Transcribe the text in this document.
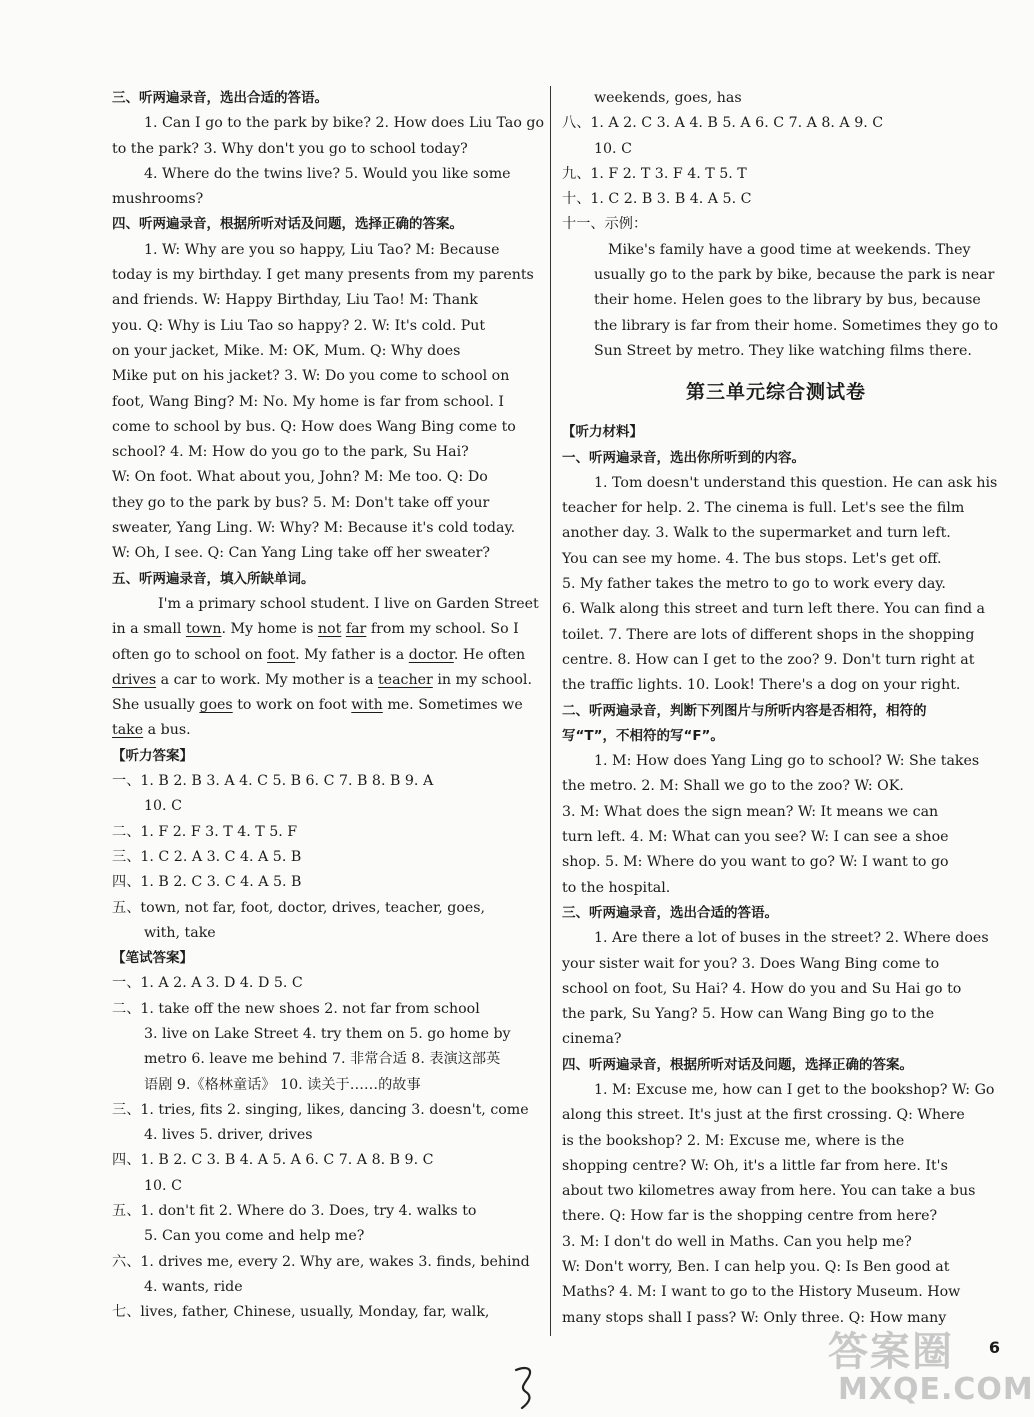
三、听两遍录音，选出合适的答语。
1. Can I go to the park by bike? 2. How does Liu Tao go
to the park? 3. Why don't you go to school today?
4. Where do the twins live? 5. Would you like some
mushrooms?
四、听两遍录音，根据所听对话及问题，选择正确的答案。
1. W: Why are you so happy, Liu Tao? M: Because
today is my birthday. I get many presents from my parents
and friends. W: Happy Birthday, Liu Tao! M: Thank
you. Q: Why is Liu Tao so happy? 2. W: It's cold. Put
on your jacket, Mike. M: OK, Mum. Q: Why does
Mike put on his jacket? 3. W: Do you come to school on
foot, Wang Bing? M: No. My home is far from school. I
come to school by bus. Q: How does Wang Bing come to
school? 4. M: How do you go to the park, Su Hai?
W: On foot. What about you, John? M: Me too. Q: Do
they go to the park by bus? 5. M: Don't take off your
sweater, Yang Ling. W: Why? M: Because it's cold today.
W: Oh, I see. Q: Can Yang Ling take off her sweater?
五、听两遍录音，填入所缺单词。
I'm a primary school student. I live on Garden Street
in a small town. My home is not far from my school. So I
often go to school on foot. My father is a doctor. He often
drives a car to work. My mother is a teacher in my school.
She usually goes to work on foot with me. Sometimes we
take a bus.
【听力答案】
一、1. B 2. B 3. A 4. C 5. B 6. C 7. B 8. B 9. A
10. C
二、1. F 2. F 3. T 4. T 5. F
三、1. C 2. A 3. C 4. A 5. B
四、1. B 2. C 3. C 4. A 5. B
五、town, not far, foot, doctor, drives, teacher, goes,
with, take
【笔试答案】
一、1. A 2. A 3. D 4. D 5. C
二、1. take off the new shoes 2. not far from school
3. live on Lake Street 4. try them on 5. go home by
metro 6. leave me behind 7. 非常合适 8. 表演这部英
语剧 9.《格林童话》 10. 读关于……的故事
三、1. tries, fits 2. singing, likes, dancing 3. doesn't, come
4. lives 5. driver, drives
四、1. B 2. C 3. B 4. A 5. A 6. C 7. A 8. B 9. C
10. C
五、1. don't fit 2. Where do 3. Does, try 4. walks to
5. Can you come and help me?
六、1. drives me, every 2. Why are, wakes 3. finds, behind
4. wants, ride
七、lives, father, Chinese, usually, Monday, far, walk,
weekends, goes, has
八、1. A 2. C 3. A 4. B 5. A 6. C 7. A 8. A 9. C
10. C
九、1. F 2. T 3. F 4. T 5. T
十、1. C 2. B 3. B 4. A 5. C
十一、示例：
Mike's family have a good time at weekends. They
usually go to the park by bike, because the park is near
their home. Helen goes to the library by bus, because
the library is far from their home. Sometimes they go to
Sun Street by metro. They like watching films there.
第三单元综合测试卷
【听力材料】
一、听两遍录音，选出你所听到的内容。
1. Tom doesn't understand this question. He can ask his
teacher for help. 2. The cinema is full. Let's see the film
another day. 3. Walk to the supermarket and turn left.
You can see my home. 4. The bus stops. Let's get off.
5. My father takes the metro to go to work every day.
6. Walk along this street and turn left there. You can find a
toilet. 7. There are lots of different shops in the shopping
centre. 8. How can I get to the zoo? 9. Don't turn right at
the traffic lights. 10. Look! There's a dog on your right.
二、听两遍录音，判断下列图片与所听内容是否相符，相符的
写“T”，不相符的写“F”。
1. M: How does Yang Ling go to school? W: She takes
the metro. 2. M: Shall we go to the zoo? W: OK.
3. M: What does the sign mean? W: It means we can
turn left. 4. M: What can you see? W: I can see a shoe
shop. 5. M: Where do you want to go? W: I want to go
to the hospital.
三、听两遍录音，选出合适的答语。
1. Are there a lot of buses in the street? 2. Where does
your sister wait for you? 3. Does Wang Bing come to
school on foot, Su Hai? 4. How do you and Su Hai go to
the park, Su Yang? 5. How can Wang Bing go to the
cinema?
四、听两遍录音，根据所听对话及问题，选择正确的答案。
1. M: Excuse me, how can I get to the bookshop? W: Go
along this street. It's just at the first crossing. Q: Where
is the bookshop? 2. M: Excuse me, where is the
shopping centre? W: Oh, it's a little far from here. It's
about two kilometres away from here. You can take a bus
there. Q: How far is the shopping centre from here?
3. M: I don't do well in Maths. Can you help me?
W: Don't worry, Ben. I can help you. Q: Is Ben good at
Maths? 4. M: I want to go to the History Museum. How
many stops shall I pass? W: Only three. Q: How many
6
答案圈
MXQE.COM
